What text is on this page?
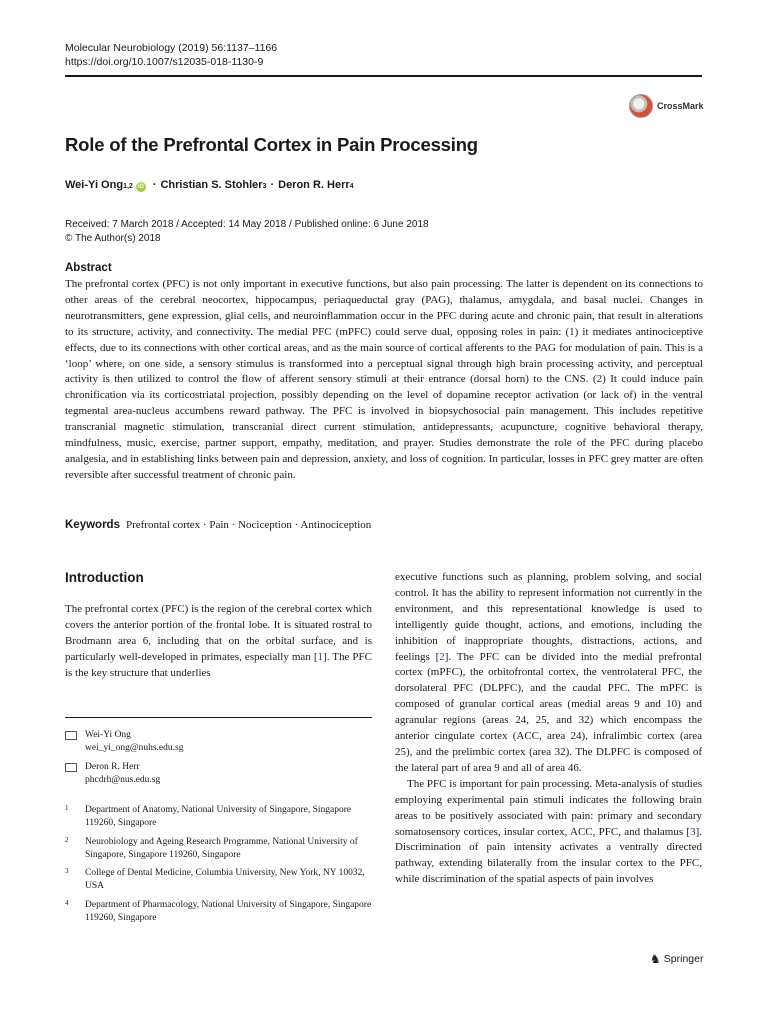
Molecular Neurobiology (2019) 56:1137–1166
https://doi.org/10.1007/s12035-018-1130-9
CrossMark
Role of the Prefrontal Cortex in Pain Processing
Wei-Yi Ong 1,2 iD · Christian S. Stohler 3 · Deron R. Herr 4
Received: 7 March 2018 / Accepted: 14 May 2018 / Published online: 6 June 2018
© The Author(s) 2018
Abstract
The prefrontal cortex (PFC) is not only important in executive functions, but also pain processing. The latter is dependent on its connections to other areas of the cerebral neocortex, hippocampus, periaqueductal gray (PAG), thalamus, amygdala, and basal nuclei. Changes in neurotransmitters, gene expression, glial cells, and neuroinflammation occur in the PFC during acute and chronic pain, that result in alterations to its structure, activity, and connectivity. The medial PFC (mPFC) could serve dual, opposing roles in pain: (1) it mediates antinociceptive effects, due to its connections with other cortical areas, and as the main source of cortical afferents to the PAG for modulation of pain. This is a ‘loop’ where, on one side, a sensory stimulus is transformed into a perceptual signal through high brain processing activity, and perceptual activity is then utilized to control the flow of afferent sensory stimuli at their entrance (dorsal horn) to the CNS. (2) It could induce pain chronification via its corticostriatal projection, possibly depending on the level of dopamine receptor activation (or lack of) in the ventral tegmental area-nucleus accumbens reward pathway. The PFC is involved in biopsychosocial pain management. This includes repetitive transcranial magnetic stimulation, transcranial direct current stimulation, antidepressants, acupuncture, cognitive behavioral therapy, mindfulness, music, exercise, partner support, empathy, meditation, and prayer. Studies demonstrate the role of the PFC during placebo analgesia, and in establishing links between pain and depression, anxiety, and loss of cognition. In particular, losses in PFC grey matter are often reversible after successful treatment of chronic pain.
Keywords Prefrontal cortex · Pain · Nociception · Antinociception
Introduction
The prefrontal cortex (PFC) is the region of the cerebral cortex which covers the anterior portion of the frontal lobe. It is situated rostral to Brodmann area 6, including that on the orbital surface, and is particularly well-developed in primates, especially man [1]. The PFC is the key structure that underlies
Wei-Yi Ong
wei_yi_ong@nuhs.edu.sg
Deron R. Herr
phcdrh@nus.edu.sg
1 Department of Anatomy, National University of Singapore, Singapore 119260, Singapore
2 Neurobiology and Ageing Research Programme, National University of Singapore, Singapore 119260, Singapore
3 College of Dental Medicine, Columbia University, New York, NY 10032, USA
4 Department of Pharmacology, National University of Singapore, Singapore 119260, Singapore

executive functions such as planning, problem solving, and social control. It has the ability to represent information not currently in the environment, and this representational knowledge is used to intelligently guide thought, actions, and emotions, including the inhibition of inappropriate thoughts, distractions, actions, and feelings [2]. The PFC can be divided into the medial prefrontal cortex (mPFC), the orbitofrontal cortex, the ventrolateral PFC, the dorsolateral PFC (DLPFC), and the caudal PFC. The mPFC is composed of granular cortical areas (medial areas 9 and 10) and agranular regions (areas 24, 25, and 32) which encompass the anterior cingulate cortex (ACC, area 24), infralimbic cortex (area 25), and the prelimbic cortex (area 32). The DLPFC is composed of the lateral part of area 9 and all of area 46.

The PFC is important for pain processing. Meta-analysis of studies employing experimental pain stimuli indicates the following brain areas to be positively associated with pain: primary and secondary somatosensory cortices, insular cortex, ACC, PFC, and thalamus [3]. Discrimination of pain intensity activates a ventrally directed pathway, extending bilaterally from the insular cortex to the PFC, while discrimination of the spatial aspects of pain involves

♞ Springer
